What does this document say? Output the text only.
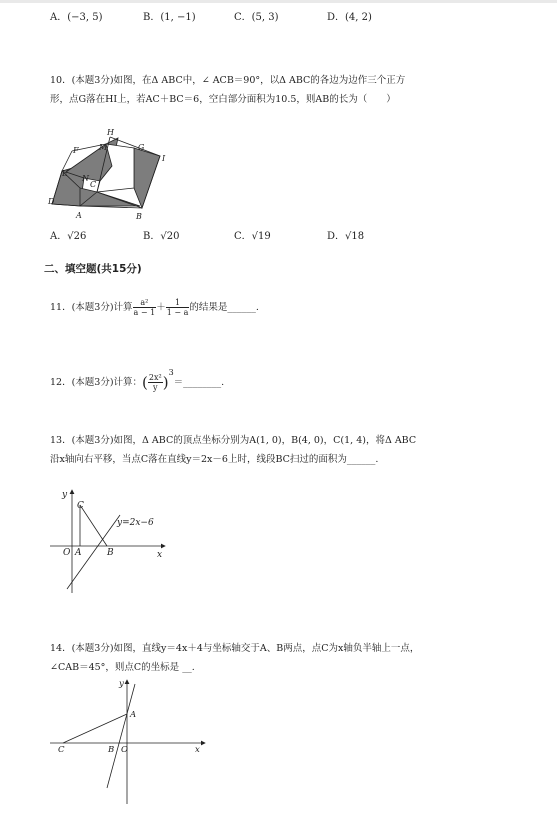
A．(−3, 5)	B．(1, −1)	C．(5, 3)	D．(4, 2)
10．(本题3分)如图，在Δ ABC中，∠ ACB＝90°，以Δ ABC的各边为边作三个正方
形，点G落在HI上，若AC＋BC＝6，空白部分面积为10.5，则AB的长为（　　）
H
M	G
I
F
E
N
C
D
A	B
A．√26	B．√20	C．√19	D．√18
二、填空题(共15分)
11．(本题3分)计算 $\frac{\text{a²}}{a - 1} + \frac{1}{1 - a}$ 的结果是______.
12．(本题3分)计算：( $\frac{\text{2x²}}{y}$ )$^3$＝________.
13．(本题3分)如图，Δ ABC的顶点坐标分别为A(1, 0)，B(4, 0)，C(1, 4)，将Δ ABC
沿x轴向右平移，当点C落在直线y＝2x－6上时，线段BC扫过的面积为______.
y
C
y=2x−6
O A	B	x
14．(本题3分)如图，直线y＝4x＋4与坐标轴交于A、B两点，点C为x轴负半轴上一点，
∠CAB＝45°，则点C的坐标是 __.
y
A
C	B O	x
